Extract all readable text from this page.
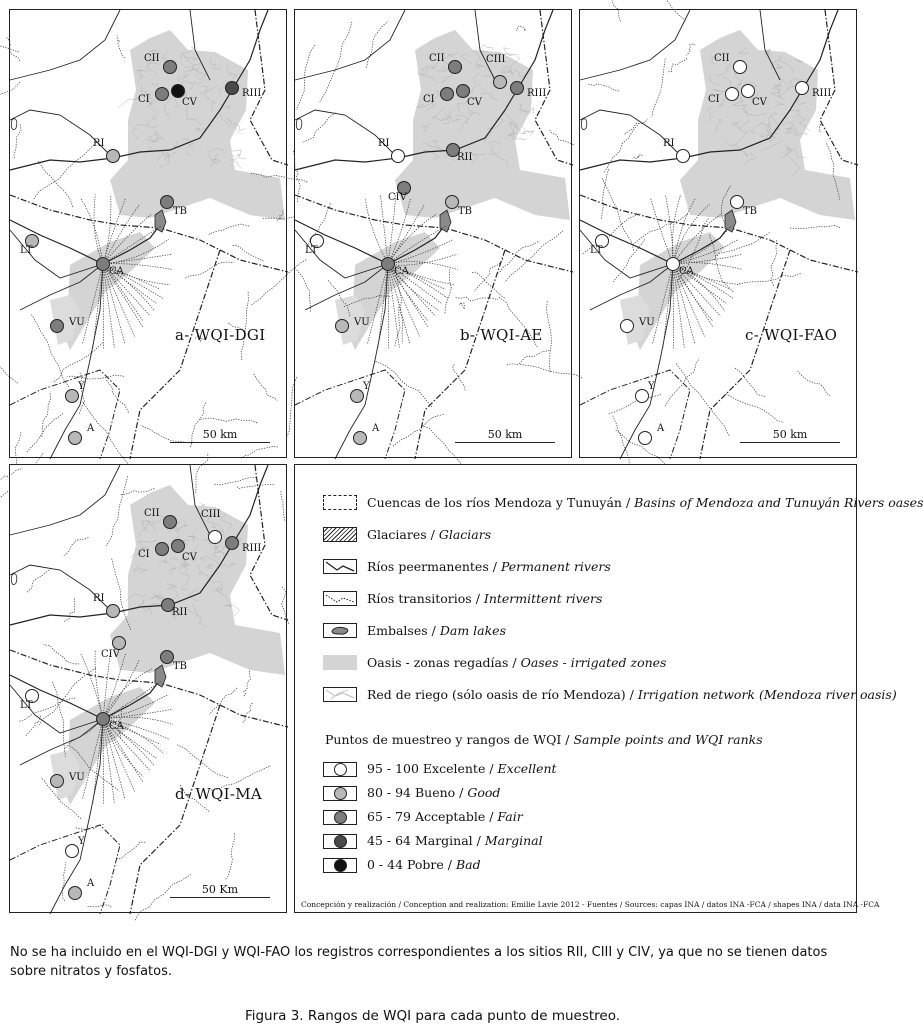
a- WQI-DGI
50 km
CII
CI	CV
RIII
RI
TB
LT
CA
VU
Y
A
b- WQI-AE
50 km
CII	CIII
CI	CV
RIII
RI
RII
CIV
TB
LT
CA
VU
Y
A
c- WQI-FAO
50 km
CII
CI	CV
RIII
RI
TB
LT
CA
VU
Y
A
d- WQI-MA
50 Km
CII	CIII
CI	CV
RIII
RI
RII
CIV
TB
LT
CA
VU
Y
A
Cuencas de los ríos Mendoza y Tunuyán / Basins of Mendoza and Tunuyán Rivers oases
Glaciares / Glaciars
Ríos peermanentes / Permanent rivers
Ríos transitorios / Intermittent rivers
Embalses / Dam lakes
Oasis - zonas regadías / Oases - irrigated zones
Red de riego (sólo oasis de río Mendoza) / Irrigation network (Mendoza river oasis)
Puntos de muestreo y rangos de WQI / Sample points and WQI ranks
95 - 100 Excelente / Excellent
80 - 94 Bueno / Good
65 - 79 Acceptable / Fair
45 - 64 Marginal / Marginal
0 - 44 Pobre / Bad
Concepción y realización / Conception and realization: Emilie Lavie 2012 - Fuentes / Sources: capas INA / datos INA -FCA / shapes INA / data INA -FCA
No se ha incluido en el WQI-DGI y WQI-FAO los registros correspondientes a los sitios RII, CIII y CIV, ya que no se tienen datos sobre nitratos y fosfatos.
Figura 3. Rangos de WQI para cada punto de muestreo.
